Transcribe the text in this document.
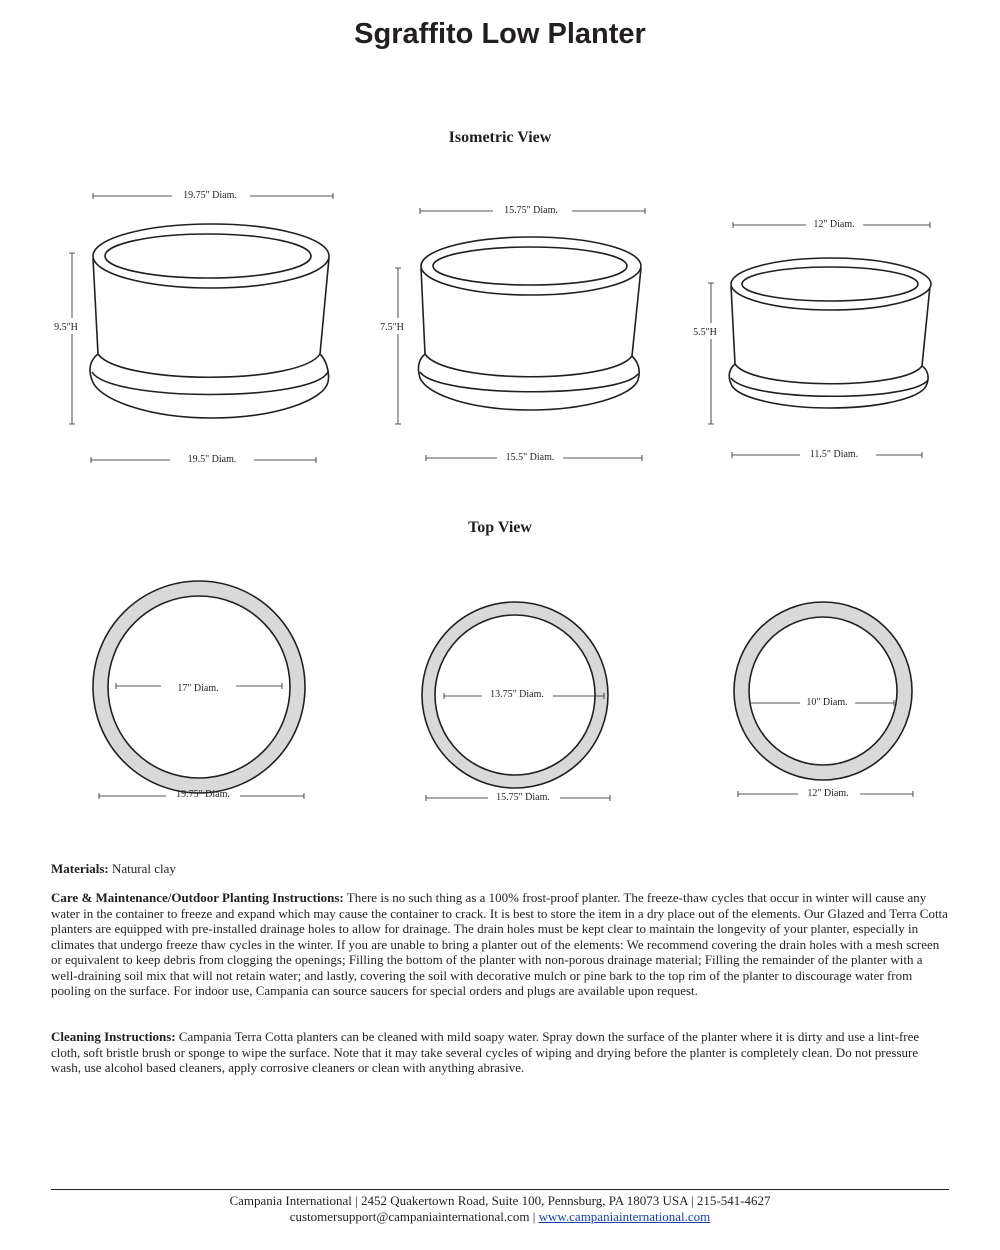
Sgraffito Low Planter
Isometric View
Top View
19.75" Diam.
9.5"H
19.5" Diam.
15.75" Diam.
7.5"H
15.5" Diam.
12" Diam.
5.5"H
11.5" Diam.
17" Diam.
19.75" Diam.
13.75" Diam.
15.75" Diam.
10" Diam.
12" Diam.

Materials: Natural clay

Care & Maintenance/Outdoor Planting Instructions: There is no such thing as a 100% frost-proof planter. The freeze-thaw cycles that occur in winter will cause any water in the container to freeze and expand which may cause the container to crack. It is best to store the item in a dry place out of the elements. Our Glazed and Terra Cotta planters are equipped with pre-installed drainage holes to allow for drainage. The drain holes must be kept clear to maintain the longevity of your planter, especially in climates that undergo freeze thaw cycles in the winter. If you are unable to bring a planter out of the elements: We recommend covering the drain holes with a mesh screen or equivalent to keep debris from clogging the openings; Filling the bottom of the planter with non-porous drainage material; Filling the remainder of the planter with a well-draining soil mix that will not retain water; and lastly, covering the soil with decorative mulch or pine bark to the top rim of the planter to discourage water from pooling on the surface. For indoor use, Campania can source saucers for special orders and plugs are available upon request.

Cleaning Instructions: Campania Terra Cotta planters can be cleaned with mild soapy water. Spray down the surface of the planter where it is dirty and use a lint-free cloth, soft bristle brush or sponge to wipe the surface. Note that it may take several cycles of wiping and drying before the planter is completely clean. Do not pressure wash, use alcohol based cleaners, apply corrosive cleaners or clean with anything abrasive.

Campania International | 2452 Quakertown Road, Suite 100, Pennsburg, PA 18073 USA | 215-541-4627
customersupport@campaniainternational.com | www.campaniainternational.com
